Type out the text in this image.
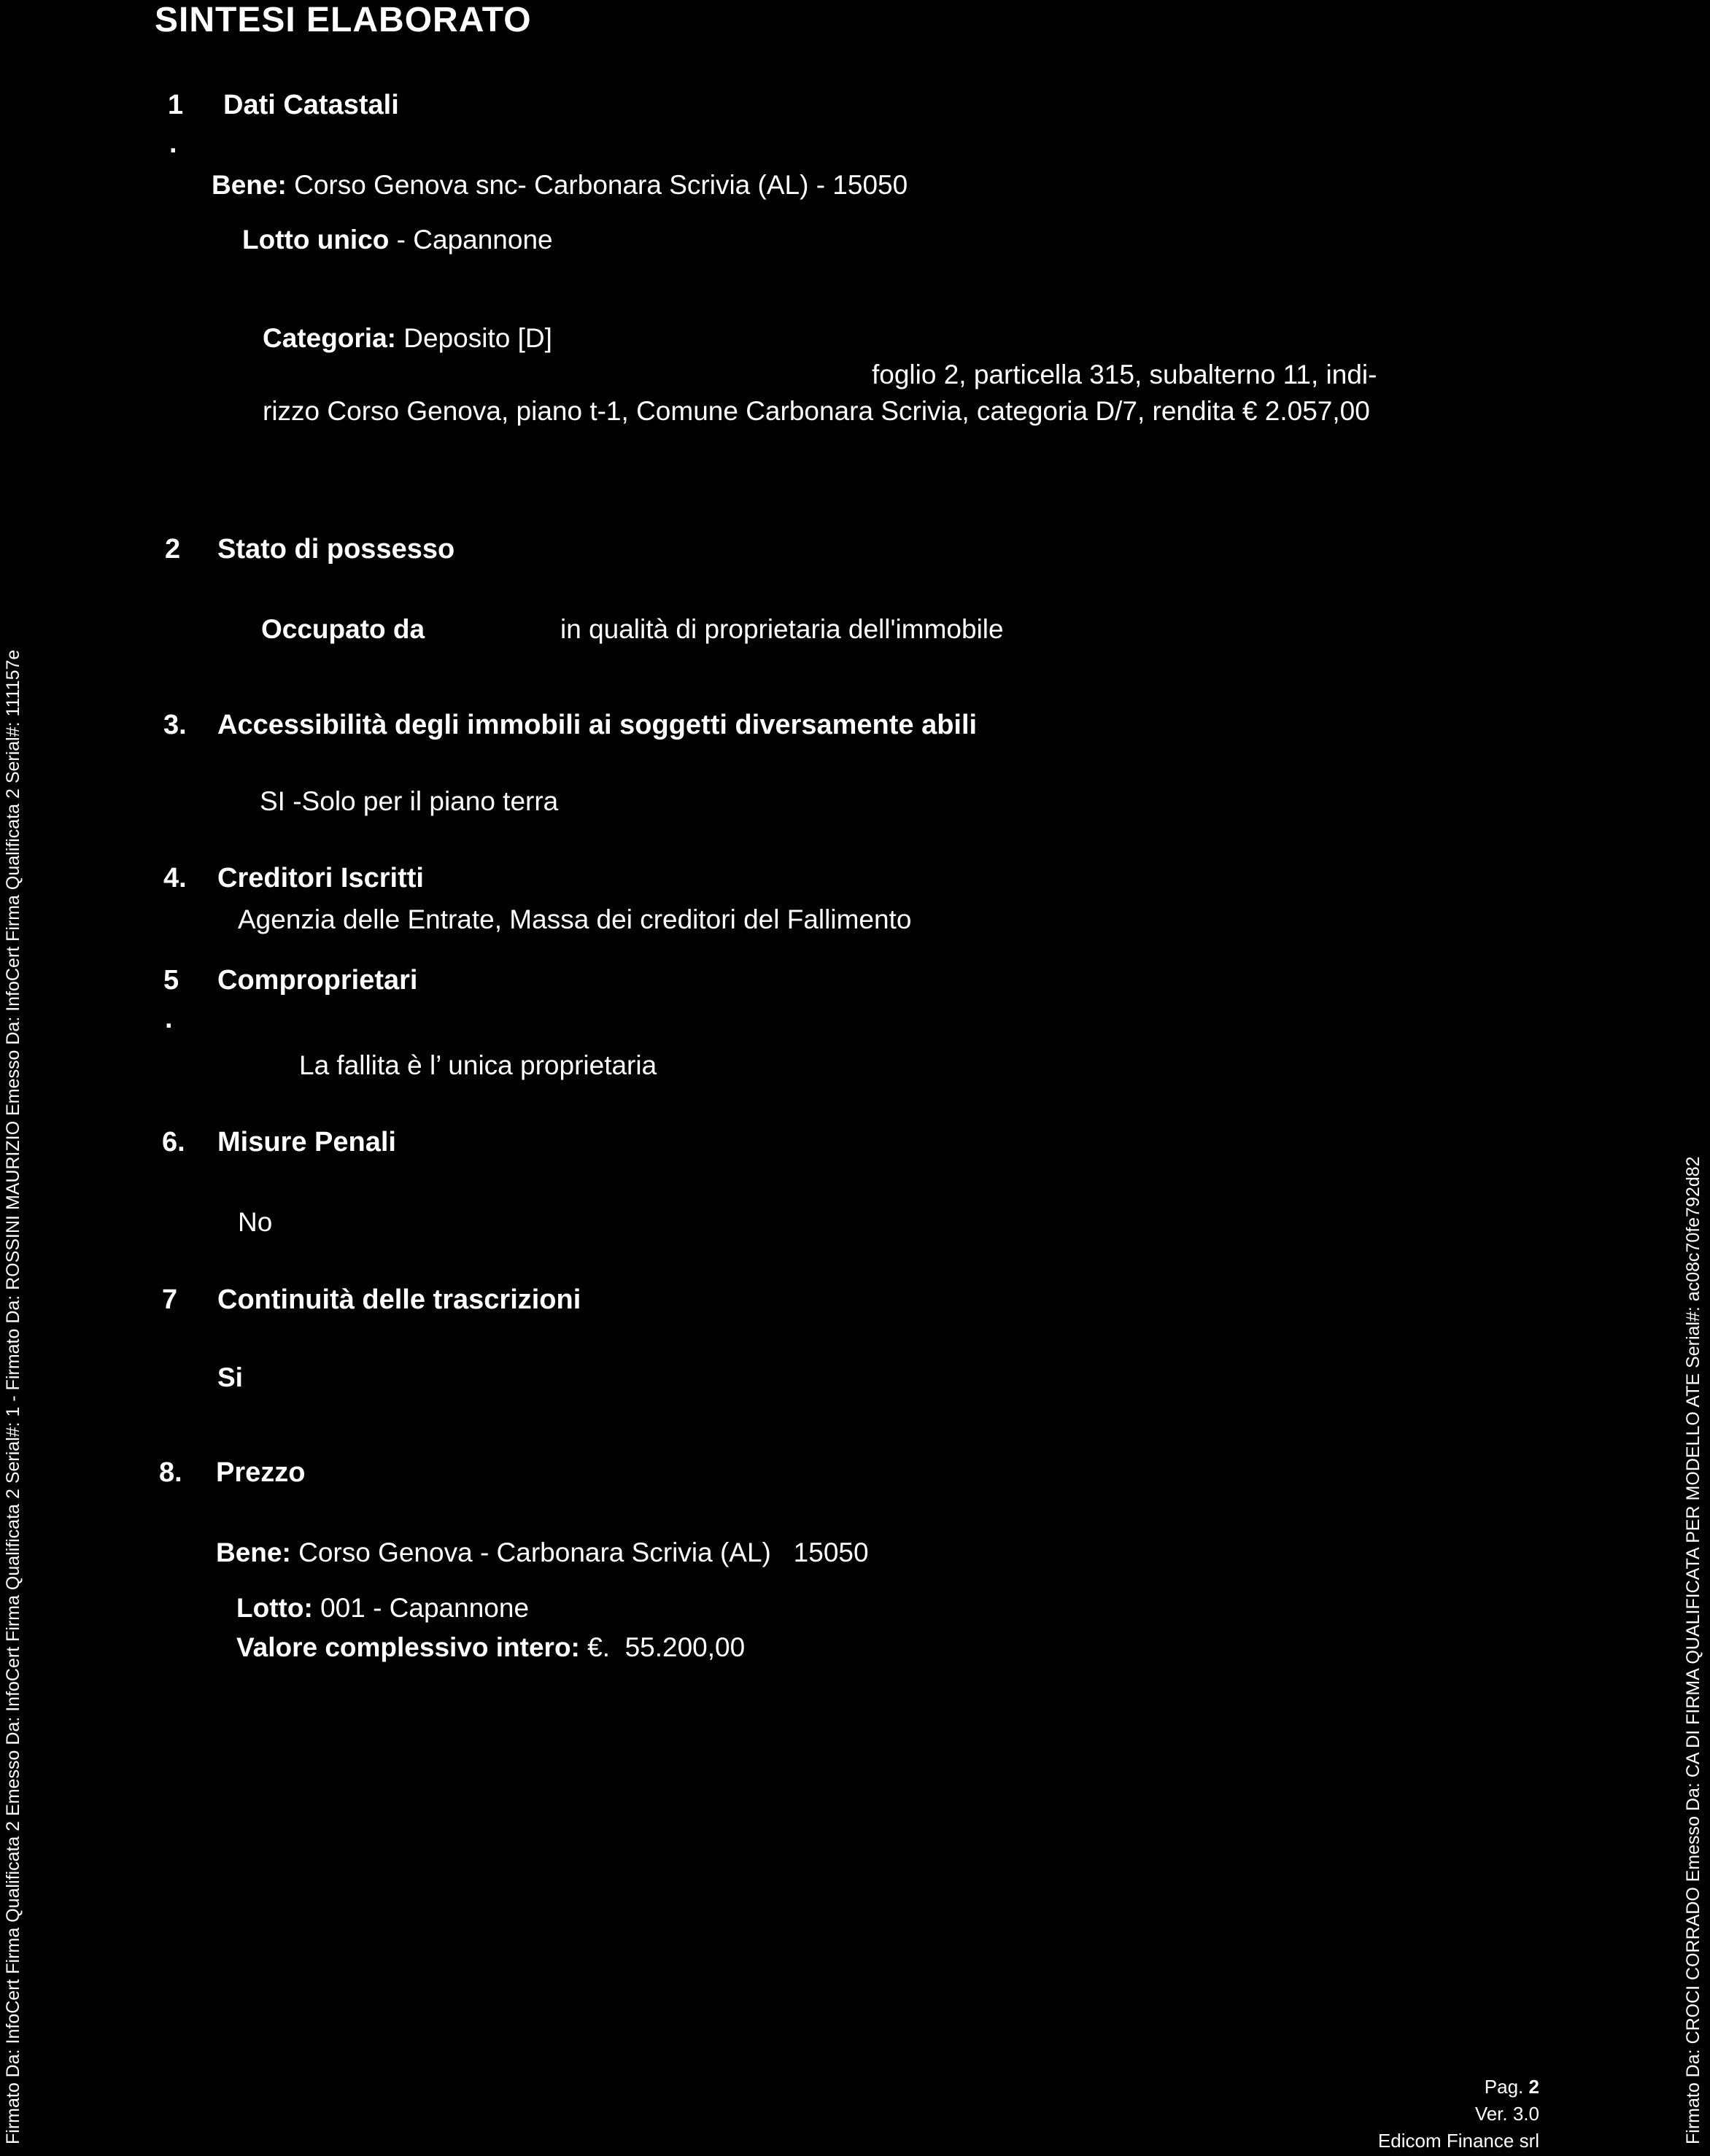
SINTESI ELABORATO
1
.
Dati Catastali
Bene: Corso Genova snc- Carbonara Scrivia (AL) - 15050
Lotto unico - Capannone
Categoria: Deposito [D]
foglio 2, particella 315, subalterno 11, indi-
rizzo Corso Genova, piano t-1, Comune Carbonara Scrivia, categoria D/7, rendita € 2.057,00
2 Stato di possesso
Occupato da	in qualità di proprietaria dell'immobile
3. Accessibilità degli immobili ai soggetti diversamente abili
SI -Solo per il piano terra
4. Creditori Iscritti
Agenzia delle Entrate, Massa dei creditori del Fallimento
5
.
Comproprietari
La fallita è l’ unica proprietaria
6. Misure Penali
No
7 Continuità delle trascrizioni
Si
8. Prezzo
Bene: Corso Genova - Carbonara Scrivia (AL)   15050
Lotto: 001 - Capannone
Valore complessivo intero: €.  55.200,00
Pag. 2
Ver. 3.0
Edicom Finance srl
Firmato Da: InfoCert Firma Qualificata 2 Emesso Da: InfoCert Firma Qualificata 2 Serial#: 1 - Firmato Da: ROSSINI MAURIZIO Emesso Da: InfoCert Firma Qualificata 2 Serial#: 111157e	Firmato Da: CROCI CORRADO Emesso Da: CA DI FIRMA QUALIFICATA PER MODELLO ATE Serial#: ac08c70fe792d82
